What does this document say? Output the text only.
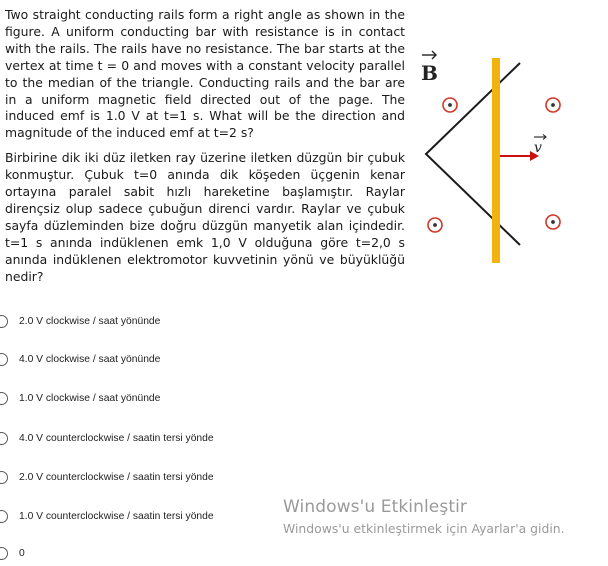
Two straight conducting rails form a right angle as shown in the figure. A uniform conducting bar with resistance is in contact with the rails. The rails have no resistance. The bar starts at the vertex at time t = 0 and moves with a constant velocity parallel to the median of the triangle. Conducting rails and the bar are in a uniform magnetic field directed out of the page. The induced emf is 1.0 V at t=1 s. What will be the direction and magnitude of the induced emf at t=2 s?

Birbirine dik iki düz iletken ray üzerine iletken düzgün bir çubuk konmuştur. Çubuk t=0 anında dik köşeden üçgenin kenar ortayına paralel sabit hızlı hareketine başlamıştır. Raylar dirençsiz olup sadece çubuğun direnci vardır. Raylar ve çubuk sayfa düzleminden bize doğru düzgün manyetik alan içindedir. t=1 s anında indüklenen emk 1,0 V olduğuna göre t=2,0 s anında indüklenen elektromotor kuvvetinin yönü ve büyüklüğü nedir?

B
v
2.0 V clockwise / saat yönünde
4.0 V clockwise / saat yönünde
1.0 V clockwise / saat yönünde
4.0 V counterclockwise / saatin tersi yönde
2.0 V counterclockwise / saatin tersi yönde
1.0 V counterclockwise / saatin tersi yönde
0
Windows'u Etkinleştir
Windows'u etkinleştirmek için Ayarlar'a gidin.
